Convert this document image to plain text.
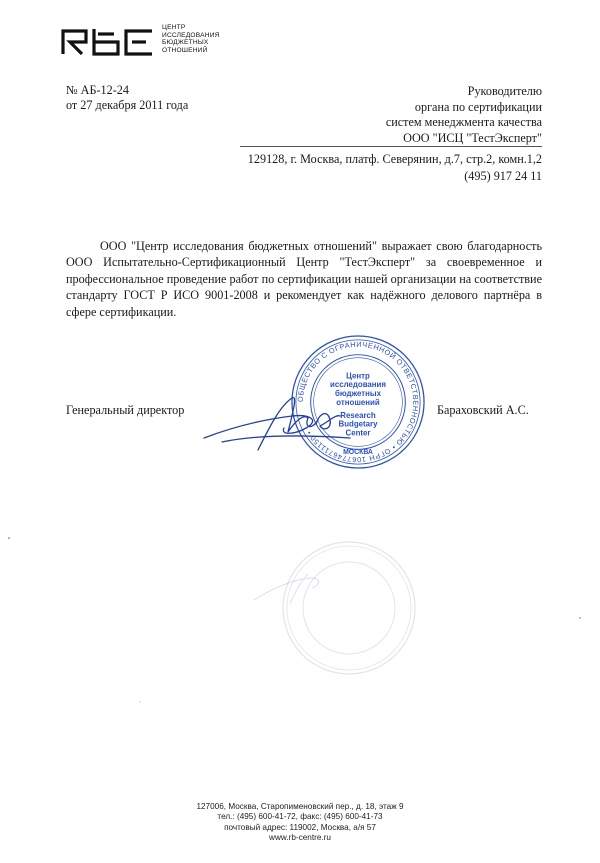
ЦЕНТР
ИССЛЕДОВАНИЯ
БЮДЖЕТНЫХ
ОТНОШЕНИЙ
№ АБ-12-24
от 27 декабря 2011 года
Руководителю
органа по сертификации
систем менеджмента качества
ООО "ИСЦ "ТестЭксперт"
129128, г. Москва, платф. Северянин, д.7, стр.2, комн.1,2
(495) 917 24 11
ООО "Центр исследования бюджетных отношений" выражает свою благодарность ООО Испытательно-Сертификационный Центр "ТестЭксперт" за своевременное и профессиональное проведение работ по сертификации нашей организации на соответствие стандарту ГОСТ Р ИСО 9001-2008 и рекомендует как надёжного делового партнёра в сфере сертификации.
ОБЩЕСТВО С ОГРАНИЧЕННОЙ ОТВЕТСТВЕННОСТЬЮ • ОГРН 1067746711150 •
Центр
исследования
бюджетных
отношений
Research
Budgetary
Center
МОСКВА
Генеральный директор	Бараховский А.С.
127006, Москва, Старопименовский пер., д. 18, этаж 9
тел.: (495) 600-41-72, факс: (495) 600-41-73
почтовый адрес: 119002, Москва, а/я 57
www.rb-centre.ru
